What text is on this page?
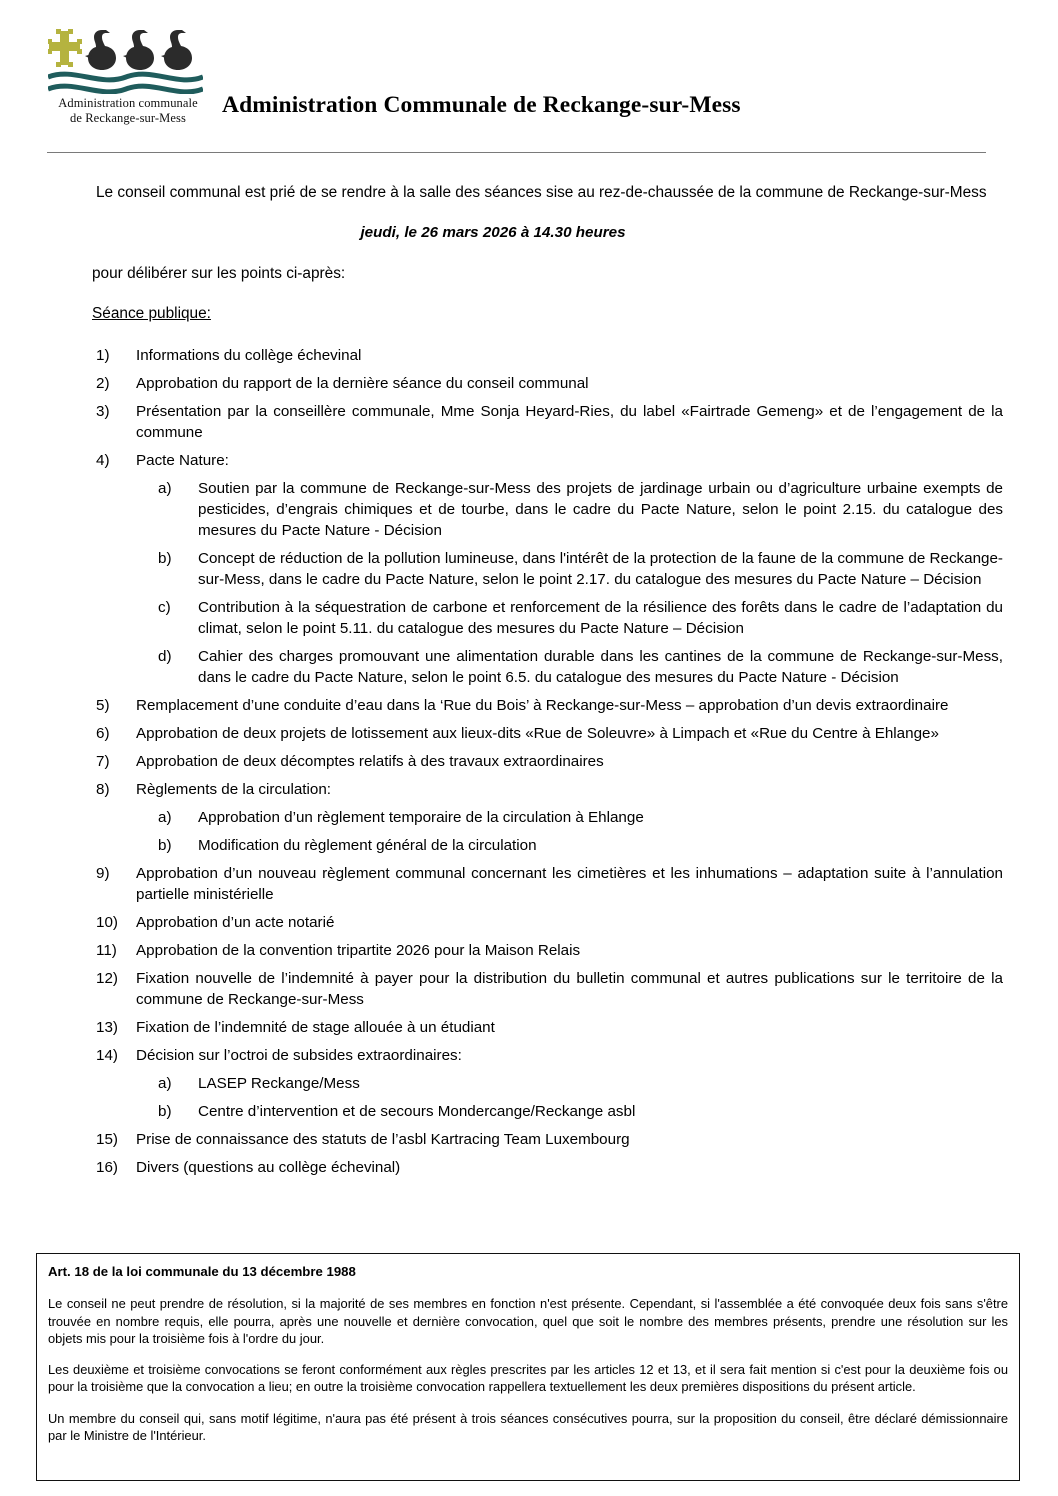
Administration communale
de Reckange-sur-Mess	Administration Communale de Reckange-sur-Mess
Le conseil communal est prié de se rendre à la salle des séances sise au rez-de-chaussée de la commune de Reckange-sur-Mess
jeudi, le 26 mars 2026 à 14.30 heures
pour délibérer sur les points ci-après:
Séance publique:
1)	Informations du collège échevinal
2)	Approbation du rapport de la dernière séance du conseil communal
3)	Présentation par la conseillère communale, Mme Sonja Heyard-Ries, du label «Fairtrade Gemeng» et de l’engagement de la commune
4)	Pacte Nature:
a)	Soutien par la commune de Reckange-sur-Mess des projets de jardinage urbain ou d’agriculture urbaine exempts de pesticides, d’engrais chimiques et de tourbe, dans le cadre du Pacte Nature, selon le point 2.15. du catalogue des mesures du Pacte Nature - Décision
b)	Concept de réduction de la pollution lumineuse, dans l'intérêt de la protection de la faune de la commune de Reckange-sur-Mess, dans le cadre du Pacte Nature, selon le point 2.17. du catalogue des mesures du Pacte Nature – Décision
c)	Contribution à la séquestration de carbone et renforcement de la résilience des forêts dans le cadre de l’adaptation du climat, selon le point 5.11. du catalogue des mesures du Pacte Nature – Décision
d)	Cahier des charges promouvant une alimentation durable dans les cantines de la commune de Reckange-sur-Mess, dans le cadre du Pacte Nature, selon le point 6.5. du catalogue des mesures du Pacte Nature - Décision
5)	Remplacement d’une conduite d’eau dans la ‘Rue du Bois’ à Reckange-sur-Mess – approbation d’un devis extraordinaire
6)	Approbation de deux projets de lotissement aux lieux-dits «Rue de Soleuvre» à Limpach et «Rue du Centre à Ehlange»
7)	Approbation de deux décomptes relatifs à des travaux extraordinaires
8)	Règlements de la circulation:
a)	Approbation d’un règlement temporaire de la circulation à Ehlange
b)	Modification du règlement général de la circulation
9)	Approbation d’un nouveau règlement communal concernant les cimetières et les inhumations – adaptation suite à l’annulation partielle ministérielle
10)	Approbation d’un acte notarié
11)	Approbation de la convention tripartite 2026 pour la Maison Relais
12)	Fixation nouvelle de l’indemnité à payer pour la distribution du bulletin communal et autres publications sur le territoire de la commune de Reckange-sur-Mess
13)	Fixation de l’indemnité de stage allouée à un étudiant
14)	Décision sur l’octroi de subsides extraordinaires:
a)	LASEP Reckange/Mess
b)	Centre d’intervention et de secours Mondercange/Reckange asbl
15)	Prise de connaissance des statuts de l’asbl Kartracing Team Luxembourg
16)	Divers (questions au collège échevinal)
Art. 18 de la loi communale du 13 décembre 1988

Le conseil ne peut prendre de résolution, si la majorité de ses membres en fonction n'est présente. Cependant, si l'assemblée a été convoquée deux fois sans s'être trouvée en nombre requis, elle pourra, après une nouvelle et dernière convocation, quel que soit le nombre des membres présents, prendre une résolution sur les objets mis pour la troisième fois à l'ordre du jour.

Les deuxième et troisième convocations se feront conformément aux règles prescrites par les articles 12 et 13, et il sera fait mention si c'est pour la deuxième fois ou pour la troisième que la convocation a lieu; en outre la troisième convocation rappellera textuellement les deux premières dispositions du présent article.

Un membre du conseil qui, sans motif légitime, n'aura pas été présent à trois séances consécutives pourra, sur la proposition du conseil, être déclaré démissionnaire par le Ministre de l'Intérieur.
